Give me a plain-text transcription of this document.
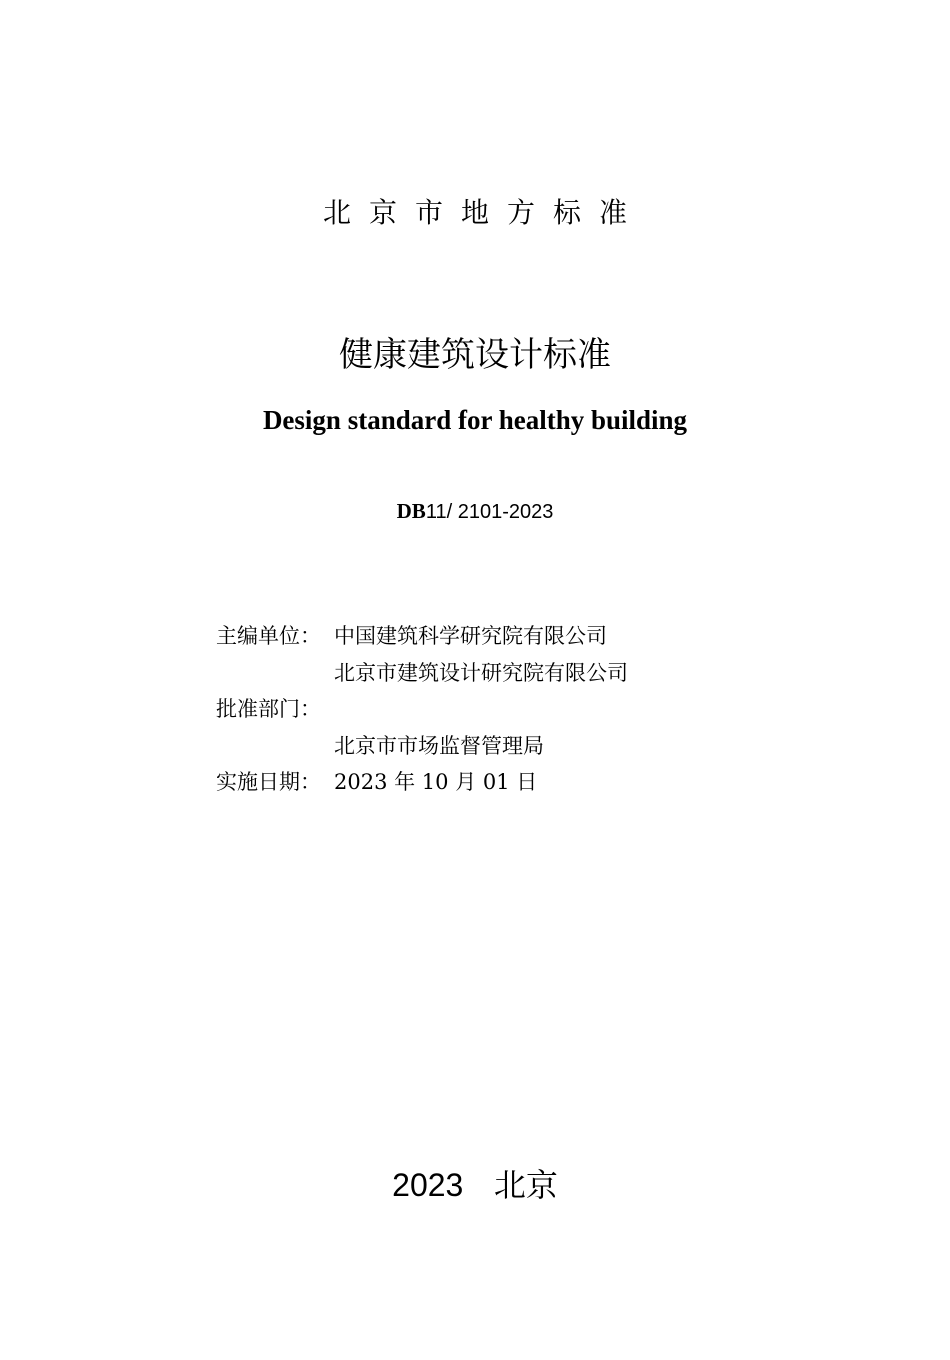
北京市地方标准
健康建筑设计标准
Design standard for healthy building
DB11/ 2101-2023
主编单位： 中国建筑科学研究院有限公司
北京市建筑设计研究院有限公司
批准部门：
北京市市场监督管理局
实施日期： 2023 年 10 月 01 日
2023 北京
